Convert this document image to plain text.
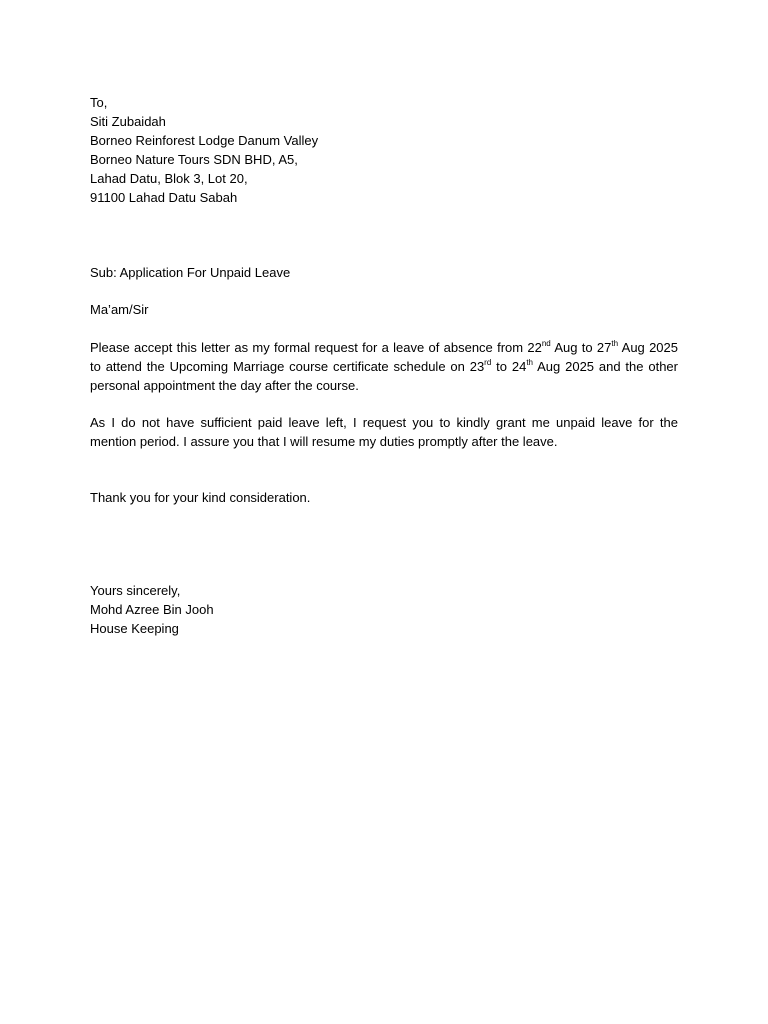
To,
Siti Zubaidah
Borneo Reinforest Lodge Danum Valley
Borneo Nature Tours SDN BHD, A5,
Lahad Datu, Blok 3, Lot 20,
91100 Lahad Datu Sabah
Sub: Application For Unpaid Leave
Ma’am/Sir

Please accept this letter as my formal request for a leave of absence from 22nd Aug to 27th Aug 2025 to attend the Upcoming Marriage course certificate schedule on 23rd to 24th Aug 2025 and the other personal appointment the day after the course.

As I do not have sufficient paid leave left, I request you to kindly grant me unpaid leave for the mention period. I assure you that I will resume my duties promptly after the leave.

Thank you for your kind consideration.

Yours sincerely,
Mohd Azree Bin Jooh
House Keeping
